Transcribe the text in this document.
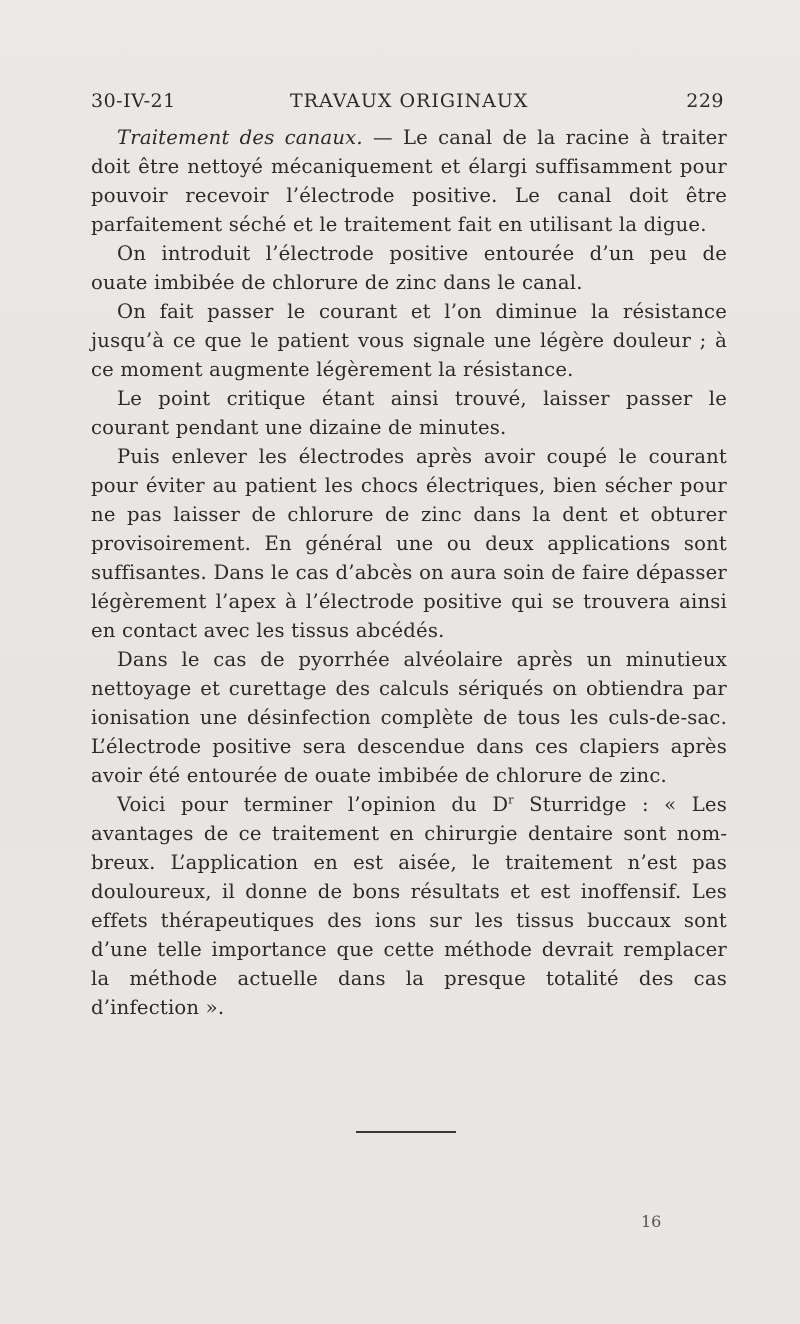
30-IV-21	TRAVAUX ORIGINAUX	229

Traitement des canaux. — Le canal de la racine à traiter doit être nettoyé mécaniquement et élargi suffisamment pour pouvoir recevoir l’électrode positive. Le canal doit être parfaitement séché et le traitement fait en utilisant la digue.

On introduit l’électrode positive entourée d’un peu de ouate imbibée de chlorure de zinc dans le canal.

On fait passer le courant et l’on diminue la résistance jusqu’à ce que le patient vous signale une légère douleur ; à ce moment augmente légèrement la résistance.

Le point critique étant ainsi trouvé, laisser passer le courant pendant une dizaine de minutes.

Puis enlever les électrodes après avoir coupé le courant pour éviter au patient les chocs électriques, bien sécher pour ne pas laisser de chlorure de zinc dans la dent et obturer provisoirement. En général une ou deux applications sont suffisantes. Dans le cas d’abcès on aura soin de faire dépasser légèrement l’apex à l’électrode positive qui se trouvera ainsi en contact avec les tissus abcédés.

Dans le cas de pyorrhée alvéolaire après un minutieux nettoyage et curettage des calculs sériqués on obtiendra par ionisation une désinfection complète de tous les culs-de-sac. L’électrode positive sera descendue dans ces clapiers après avoir été entourée de ouate imbibée de chlorure de zinc.

Voici pour terminer l’opinion du $D^r$ Sturridge : « Les avantages de ce traitement en chirurgie dentaire sont nombreux. L’application en est aisée, le traitement n’est pas douloureux, il donne de bons résultats et est inoffensif. Les effets thérapeutiques des ions sur les tissus buccaux sont d’une telle importance que cette méthode devrait remplacer la méthode actuelle dans la presque totalité des cas d’infection ».

16
